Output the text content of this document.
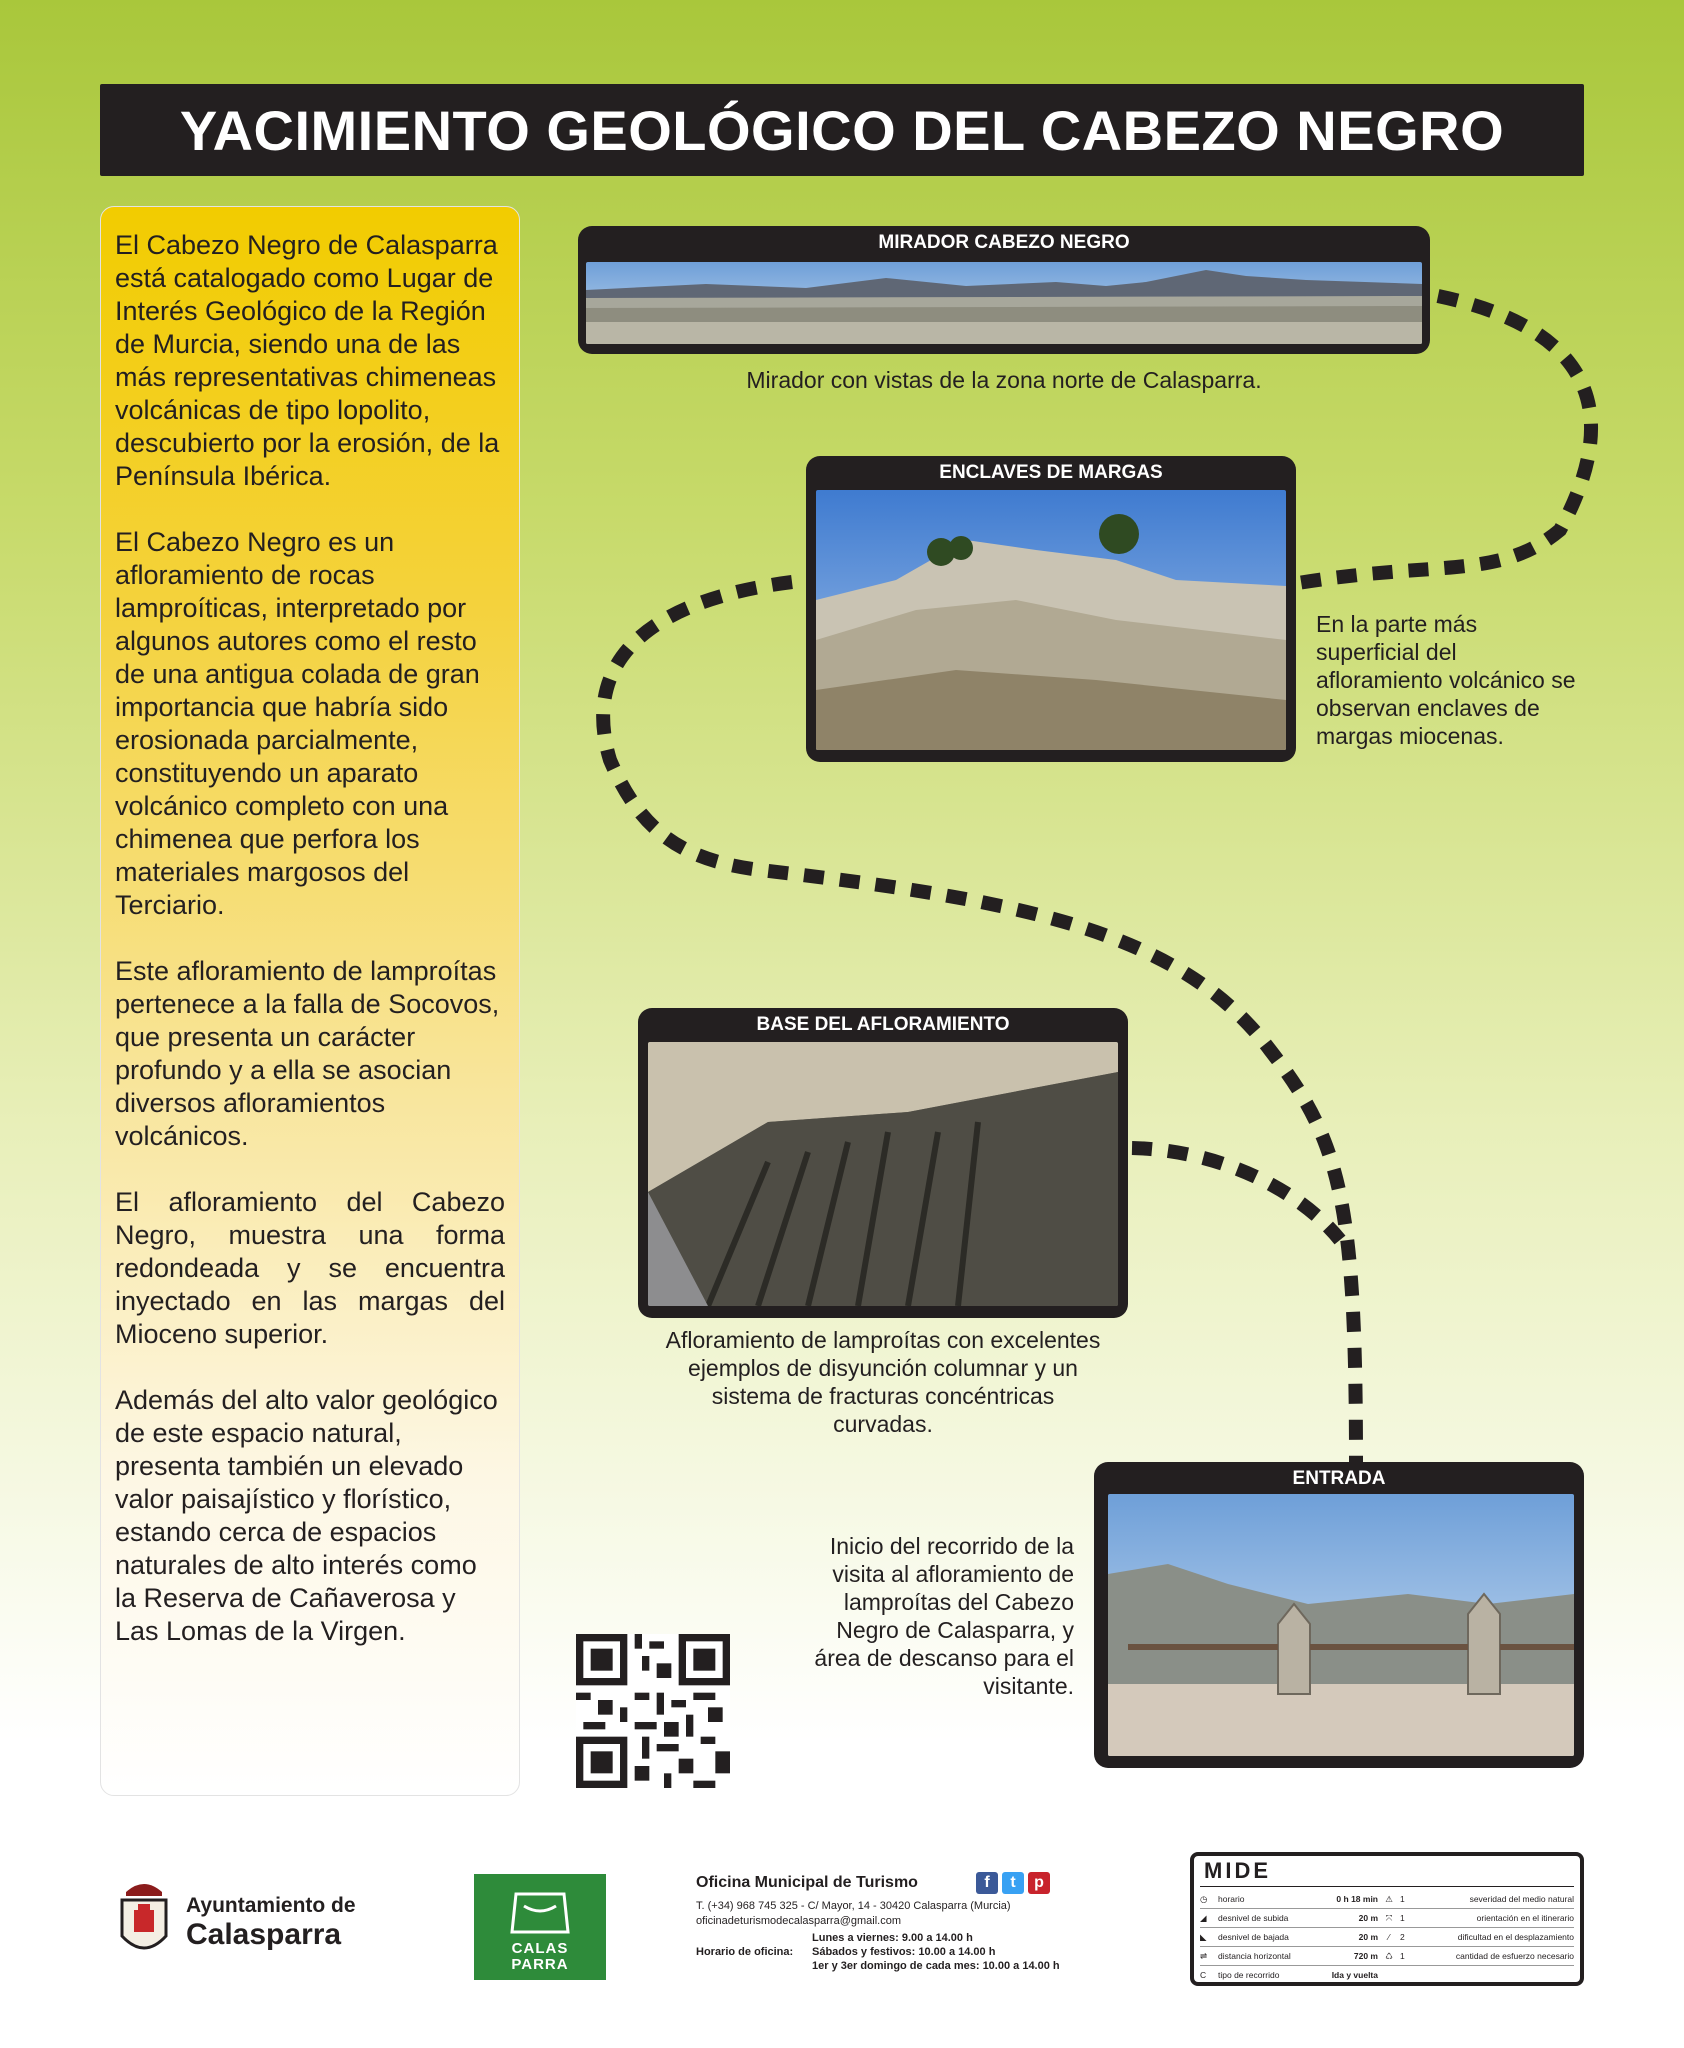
YACIMIENTO GEOLÓGICO DEL CABEZO NEGRO

El Cabezo Negro de Calasparra está catalogado como Lugar de Interés Geológico de la Región de Murcia, siendo una de las más representativas chimeneas volcánicas de tipo lopolito, descubierto por la erosión, de la Península Ibérica.

El Cabezo Negro es un afloramiento de rocas lamproíticas, interpretado por algunos autores como el resto de una antigua colada de gran importancia que habría sido erosionada parcialmente, constituyendo un aparato volcánico completo con una chimenea que perfora los materiales margosos del Terciario.

Este afloramiento de lamproítas pertenece a la falla de Socovos, que presenta un carácter profundo y a ella se asocian diversos afloramientos volcánicos.

El afloramiento del Cabezo Negro, muestra una forma redondeada y se encuentra inyectado en las margas del Mioceno superior.

Además del alto valor geológico de este espacio natural, presenta también un elevado valor paisajístico y florístico, estando cerca de espacios naturales de alto interés como la Reserva de Cañaverosa y Las Lomas de la Virgen.

MIRADOR CABEZO NEGRO
Mirador con vistas de la zona norte de Calasparra.
ENCLAVES DE MARGAS
En la parte más superficial del afloramiento volcánico se observan enclaves de margas miocenas.
BASE DEL AFLORAMIENTO
Afloramiento de lamproítas con excelentes ejemplos de disyunción columnar y un sistema de fracturas concéntricas curvadas.
ENTRADA
Inicio del recorrido de la visita al afloramiento de lamproítas del Cabezo Negro de Calasparra, y área de descanso para el visitante.
Ayuntamiento de
Calasparra	CALAS
PARRA
Oficina Municipal de Turismo	f	t	p
T. (+34) 968 745 325 - C/ Mayor, 14 - 30420 Calasparra (Murcia)
oficinadeturismodecalasparra@gmail.com
Lunes a viernes: 9.00 a 14.00 h
Horario de oficina: Sábados y festivos: 10.00 a 14.00 h
1er y 3er domingo de cada mes: 10.00 a 14.00 h
MIDE
◷	horario	0 h 18 min ⚠ 1	severidad del medio natural
◢	desnivel de subida	20 m ⤧ 1	orientación en el itinerario
◣	desnivel de bajada	20 m	⁄	2	dificultad en el desplazamiento
⇌	distancia horizontal	720 m ♺ 1	cantidad de esfuerzo necesario
C	tipo de recorrido	Ida y vuelta
